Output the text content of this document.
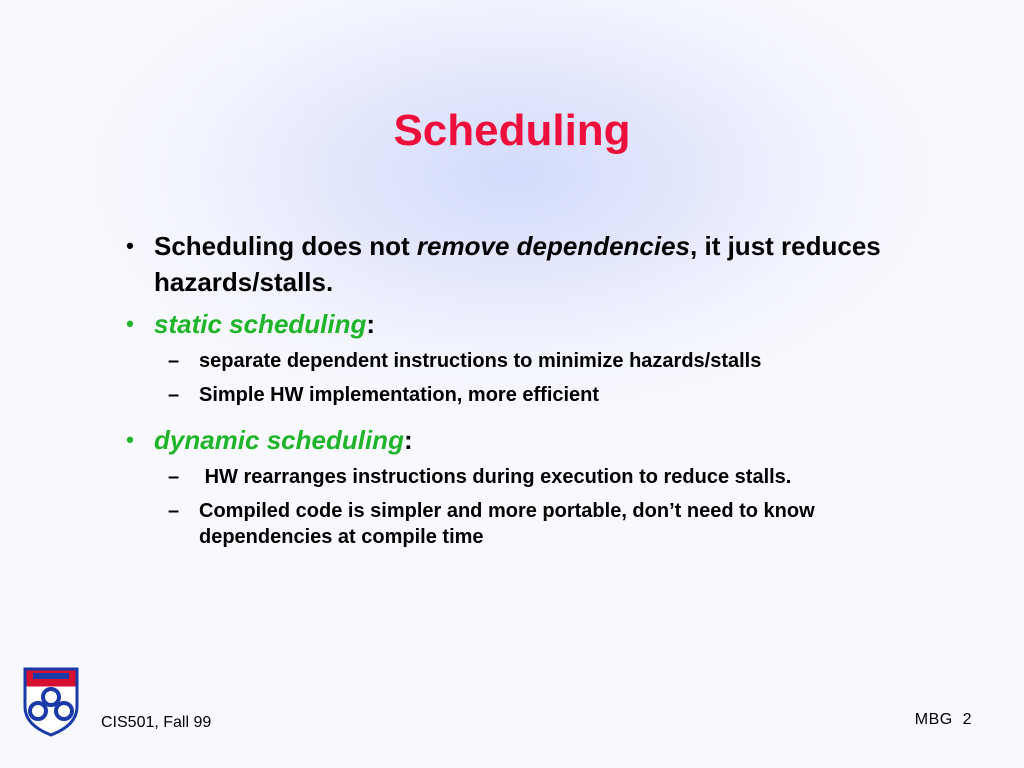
Scheduling
• Scheduling does not remove dependencies, it just reduces hazards/stalls.
• static scheduling:
– separate dependent instructions to minimize hazards/stalls
– Simple HW implementation, more efficient
• dynamic scheduling:
– HW rearranges instructions during execution to reduce stalls.
– Compiled code is simpler and more portable, don’t need to know dependencies at compile time
CIS501, Fall 99	MBG  2
